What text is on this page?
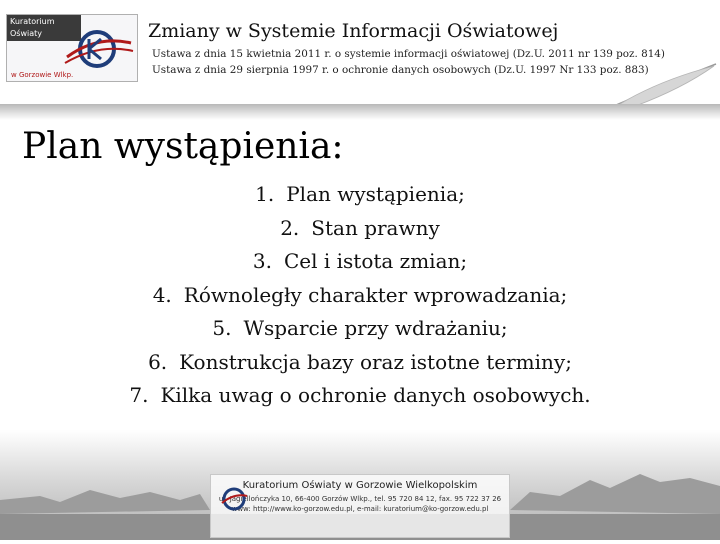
Kuratorium
Oświaty
w Gorzowie Wlkp.
Zmiany w Systemie Informacji Oświatowej
Ustawa z dnia 15 kwietnia 2011 r. o systemie informacji oświatowej (Dz.U. 2011 nr 139 poz. 814)
Ustawa z dnia 29 sierpnia 1997 r. o ochronie danych osobowych (Dz.U. 1997 Nr 133 poz. 883)
Plan wystąpienia:
1. Plan wystąpienia;
2. Stan prawny
3. Cel i istota zmian;
4. Równoległy charakter wprowadzania;
5. Wsparcie przy wdrażaniu;
6. Konstrukcja bazy oraz istotne terminy;
7. Kilka uwag o ochronie danych osobowych.
Kuratorium Oświaty w Gorzowie Wielkopolskim
ul. Jagiellończyka 10, 66-400 Gorzów Wlkp., tel. 95 720 84 12, fax. 95 722 37 26
www: http://www.ko-gorzow.edu.pl, e-mail: kuratorium@ko-gorzow.edu.pl
